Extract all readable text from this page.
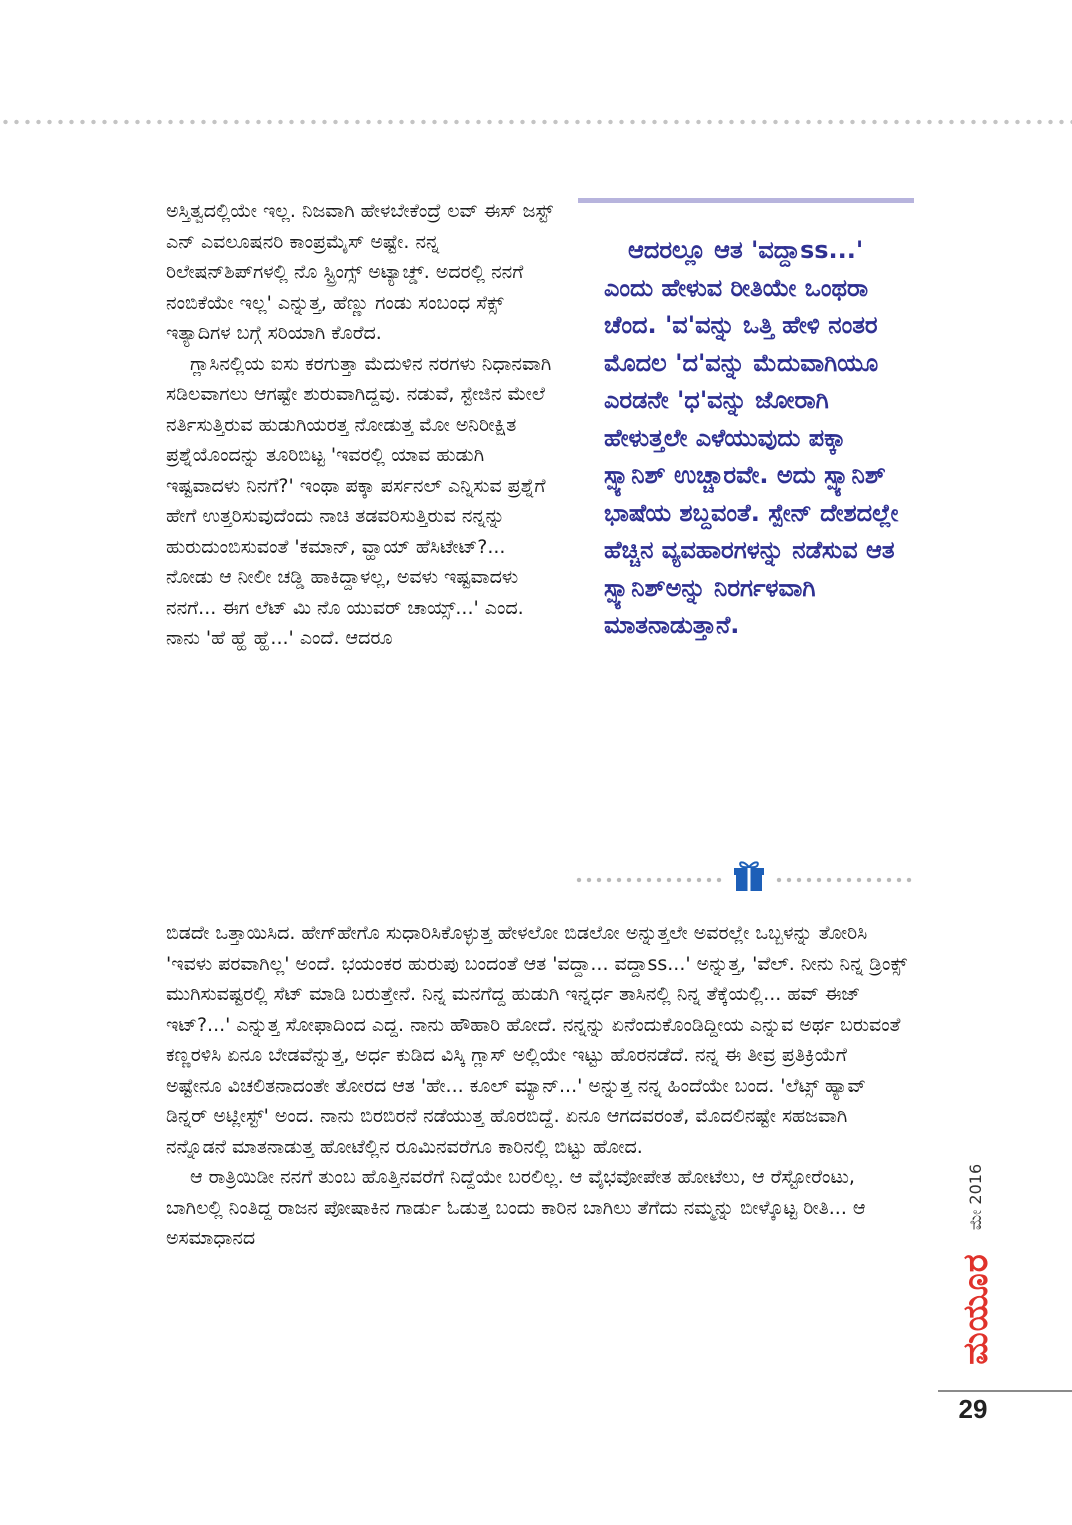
ಅಸ್ತಿತ್ವದಲ್ಲಿಯೇ ಇಲ್ಲ. ನಿಜವಾಗಿ ಹೇಳಬೇಕೆಂದ್ರೆ ಲವ್ ಈಸ್ ಜಸ್ಟ್ ಎನ್ ಎವಲೂಷನರಿ ಕಾಂಪ್ರಮೈಸ್ ಅಷ್ಟೇ. ನನ್ನ ರಿಲೇಷನ್‌ಶಿಪ್‌ಗಳಲ್ಲಿ ನೊ ಸ್ಟ್ರಿಂಗ್ಸ್ ಅಟ್ಯಾಚ್ಡ್. ಅದರಲ್ಲಿ ನನಗೆ ನಂಬಿಕೆಯೇ ಇಲ್ಲ' ಎನ್ನುತ್ತ, ಹೆಣ್ಣು ಗಂಡು ಸಂಬಂಧ ಸೆಕ್ಸ್ ಇತ್ಯಾದಿಗಳ ಬಗ್ಗೆ ಸರಿಯಾಗಿ ಕೊರೆದ.

ಗ್ಲಾಸಿನಲ್ಲಿಯ ಐಸು ಕರಗುತ್ತಾ ಮೆದುಳಿನ ನರಗಳು ನಿಧಾನವಾಗಿ ಸಡಿಲವಾಗಲು ಆಗಷ್ಟೇ ಶುರುವಾಗಿದ್ದವು. ನಡುವೆ, ಸ್ಟೇಜಿನ ಮೇಲೆ ನರ್ತಿಸುತ್ತಿರುವ ಹುಡುಗಿಯರತ್ತ ನೋಡುತ್ತ ಮೋ ಅನಿರೀಕ್ಷಿತ ಪ್ರಶ್ನೆಯೊಂದನ್ನು ತೂರಿಬಿಟ್ಟ 'ಇವರಲ್ಲಿ ಯಾವ ಹುಡುಗಿ ಇಷ್ಟವಾದಳು ನಿನಗೆ?' ಇಂಥಾ ಪಕ್ಕಾ ಪರ್ಸನಲ್ ಎನ್ನಿಸುವ ಪ್ರಶ್ನೆಗೆ ಹೇಗೆ ಉತ್ತರಿಸುವುದೆಂದು ನಾಚಿ ತಡವರಿಸುತ್ತಿರುವ ನನ್ನನ್ನು ಹುರುದುಂಬಿಸುವಂತೆ 'ಕಮಾನ್, ವ್ಹಾಯ್ ಹೆಸಿಟೇಟ್?... ನೋಡು ಆ ನೀಲೀ ಚಡ್ಡಿ ಹಾಕಿದ್ದಾಳಲ್ಲ, ಅವಳು ಇಷ್ಟವಾದಳು ನನಗೆ... ಈಗ ಲೆಟ್ ಮಿ ನೊ ಯುವರ್ ಚಾಯ್ಸ್...' ಎಂದ. ನಾನು 'ಹೆ ಹ್ಹೆ ಹ್ಹೆ...' ಎಂದೆ. ಆದರೂ

ಆದರಲ್ಲೂ ಆತ 'ವದ್ದಾss...' ಎಂದು ಹೇಳುವ ರೀತಿಯೇ ಒಂಥರಾ ಚೆಂದ. 'ವ'ವನ್ನು ಒತ್ತಿ ಹೇಳಿ ನಂತರ ಮೊದಲ 'ದ'ವನ್ನು ಮೆದುವಾಗಿಯೂ ಎರಡನೇ 'ಧ'ವನ್ನು ಜೋರಾಗಿ ಹೇಳುತ್ತಲೇ ಎಳೆಯುವುದು ಪಕ್ಕಾ ಸ್ಪ್ಯಾನಿಶ್ ಉಚ್ಚಾರವೇ. ಅದು ಸ್ಪ್ಯಾನಿಶ್ ಭಾಷೆಯ ಶಬ್ದವಂತೆ. ಸ್ಪೇನ್ ದೇಶದಲ್ಲೇ ಹೆಚ್ಚಿನ ವ್ಯವಹಾರಗಳನ್ನು ನಡೆಸುವ ಆತ ಸ್ಪ್ಯಾನಿಶ್‌ಅನ್ನು ನಿರರ್ಗಳವಾಗಿ ಮಾತನಾಡುತ್ತಾನೆ.

ಬಿಡದೇ ಒತ್ತಾಯಿಸಿದ. ಹೇಗ್‌ಹೇಗೊ ಸುಧಾರಿಸಿಕೊಳ್ಳುತ್ತ ಹೇಳಲೋ ಬಿಡಲೋ ಅನ್ನುತ್ತಲೇ ಅವರಲ್ಲೇ ಒಬ್ಬಳನ್ನು ತೋರಿಸಿ 'ಇವಳು ಪರವಾಗಿಲ್ಲ' ಅಂದೆ. ಭಯಂಕರ ಹುರುಪು ಬಂದಂತೆ ಆತ 'ವದ್ದಾ... ವದ್ದಾss...' ಅನ್ನುತ್ತ, 'ವೆಲ್. ನೀನು ನಿನ್ನ ಡ್ರಿಂಕ್ಸ್ ಮುಗಿಸುವಷ್ಟರಲ್ಲಿ ಸೆಟ್ ಮಾಡಿ ಬರುತ್ತೇನೆ. ನಿನ್ನ ಮನಗೆದ್ದ ಹುಡುಗಿ ಇನ್ನರ್ಧ ತಾಸಿನಲ್ಲಿ ನಿನ್ನ ತೆಕ್ಕೆಯಲ್ಲಿ... ಹವ್ ಈಜ್ ಇಟ್?...' ಎನ್ನುತ್ತ ಸೋಫಾದಿಂದ ಎದ್ದ. ನಾನು ಹೌಹಾರಿ ಹೋದೆ. ನನ್ನನ್ನು ಏನೆಂದುಕೊಂಡಿದ್ದೀಯ ಎನ್ನುವ ಅರ್ಥ ಬರುವಂತೆ ಕಣ್ಣರಳಿಸಿ ಏನೂ ಬೇಡವೆನ್ನುತ್ತ, ಅರ್ಧ ಕುಡಿದ ವಿಸ್ಕಿ ಗ್ಲಾಸ್ ಅಲ್ಲಿಯೇ ಇಟ್ಟು ಹೊರನಡೆದೆ. ನನ್ನ ಈ ತೀವ್ರ ಪ್ರತಿಕ್ರಿಯೆಗೆ ಅಷ್ಟೇನೂ ವಿಚಲಿತನಾದಂತೇ ತೋರದ ಆತ 'ಹೇ... ಕೂಲ್ ಮ್ಯಾನ್...' ಅನ್ನುತ್ತ ನನ್ನ ಹಿಂದೆಯೇ ಬಂದ. 'ಲೆಟ್ಸ್ ಹ್ಯಾವ್ ಡಿನ್ನರ್ ಅಟ್ಲೀಸ್ಟ್' ಅಂದ. ನಾನು ಬಿರಬಿರನೆ ನಡೆಯುತ್ತ ಹೊರಬಿದ್ದೆ. ಏನೂ ಆಗದವರಂತೆ, ಮೊದಲಿನಷ್ಟೇ ಸಹಜವಾಗಿ ನನ್ನೊಡನೆ ಮಾತನಾಡುತ್ತ ಹೋಟೆಲ್ಲಿನ ರೂಮಿನವರೆಗೂ ಕಾರಿನಲ್ಲಿ ಬಿಟ್ಟು ಹೋದ.

ಆ ರಾತ್ರಿಯಿಡೀ ನನಗೆ ತುಂಬ ಹೊತ್ತಿನವರೆಗೆ ನಿದ್ದೆಯೇ ಬರಲಿಲ್ಲ. ಆ ವೈಭವೋಪೇತ ಹೋಟೆಲು, ಆ ರೆಸ್ಟೋರೆಂಟು, ಬಾಗಿಲಲ್ಲಿ ನಿಂತಿದ್ದ ರಾಜನ ಪೋಷಾಕಿನ ಗಾರ್ಡು ಓಡುತ್ತ ಬಂದು ಕಾರಿನ ಬಾಗಿಲು ತೆಗೆದು ನಮ್ಮನ್ನು ಬೀಳ್ಕೊಟ್ಟ ರೀತಿ... ಆ ಅಸಮಾಧಾನದ

ಮೇ 2016
ಮಯೂರ
29
